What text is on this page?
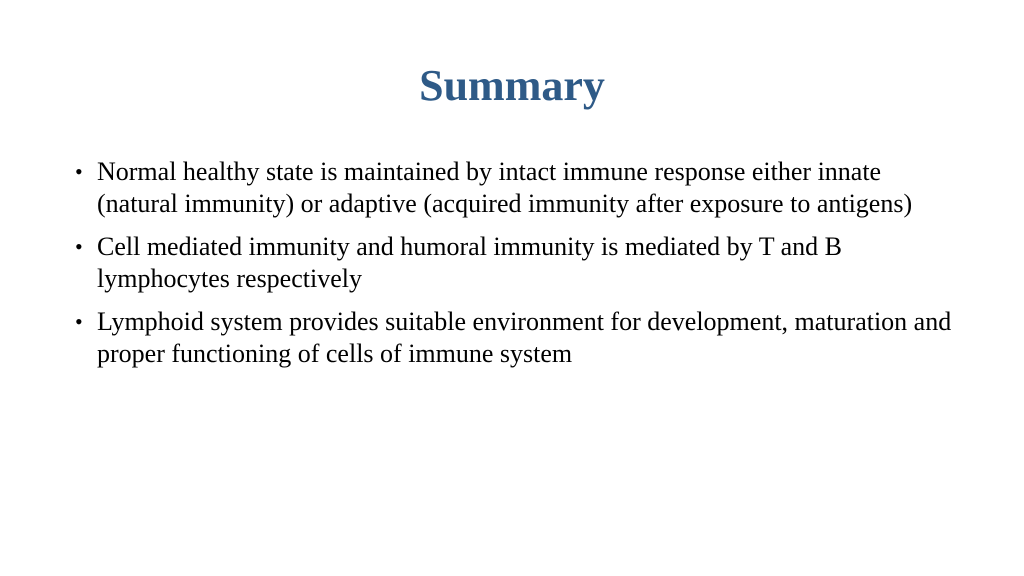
Summary
• Normal healthy state is maintained by intact immune response either innate (natural immunity) or adaptive (acquired immunity after exposure to antigens)
• Cell mediated immunity and humoral immunity is mediated by T and B lymphocytes respectively
• Lymphoid system provides suitable environment for development, maturation and proper functioning of cells of immune system
